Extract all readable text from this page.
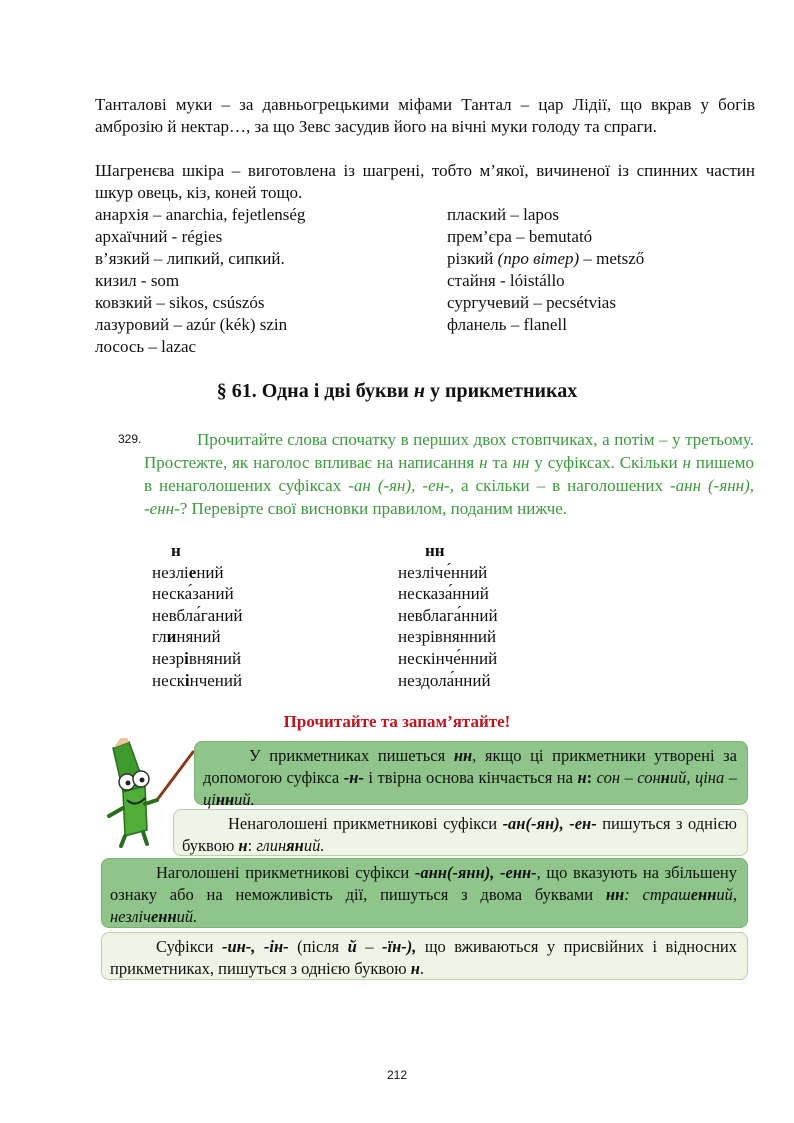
Танталові муки – за давньогрецькими міфами Тантал – цар Лідії, що вкрав у богів амброзію й нектар…, за що Зевс засудив його на вічні муки голоду та спраги.
Шагренєва шкіра – виготовлена із шагрені, тобто м’якої, вичиненої із спинних частин шкур овець, кіз, коней тощо.
анархія – anarchia, fejetlenség
архаїчний - régies
в’язкий – липкий, сипкий.
кизил - som
ковзкий – sikos, csúszós
лазуровий – azúr (kék) szin
лосось – lazac
плаский – lapos
прем’єра – bemutató
різкий (про вітер) – metsző
стайня - lóistállo
сургучевий – pecsétvias
фланель – flanell
§ 61. Одна і дві букви н у прикметниках
329.	Прочитайте слова спочатку в перших двох стовпчиках, а потім – у третьому. Простежте, як наголос впливає на написання н та нн у суфіксах. Скільки н пишемо в ненаголошених суфіксах -ан (-ян), -ен-, а скільки – в наголошених -анн (-янн), -енн-? Перевірте свої висновки правилом, поданим нижче.
н
незліений
неска́заний
невбла́ганий
глиняний
незрівняний
нескінчений
нн
незліче́нний
несказа́нний
невблага́нний
незрівнянний
нескінче́нний
нездола́нний
Прочитайте та запам’ятайте!
У прикметниках пишеться нн, якщо ці прикметники утворені за допомогою суфікса -н- і твірна основа кінчається на н: сон – сонний, ціна – цінний.
Ненаголошені прикметникові суфікси -ан(-ян), -ен- пишуться з однією буквою н: глиняний.
Наголошені прикметникові суфікси -анн(-янн), -енн-, що вказують на збільшену ознаку або на неможливість дії, пишуться з двома буквами нн: страшенний, незліченний.
Суфікси -ин-, -ін- (після й – -їн-), що вживаються у присвійних і відносних прикметниках, пишуться з однією буквою н.
212
